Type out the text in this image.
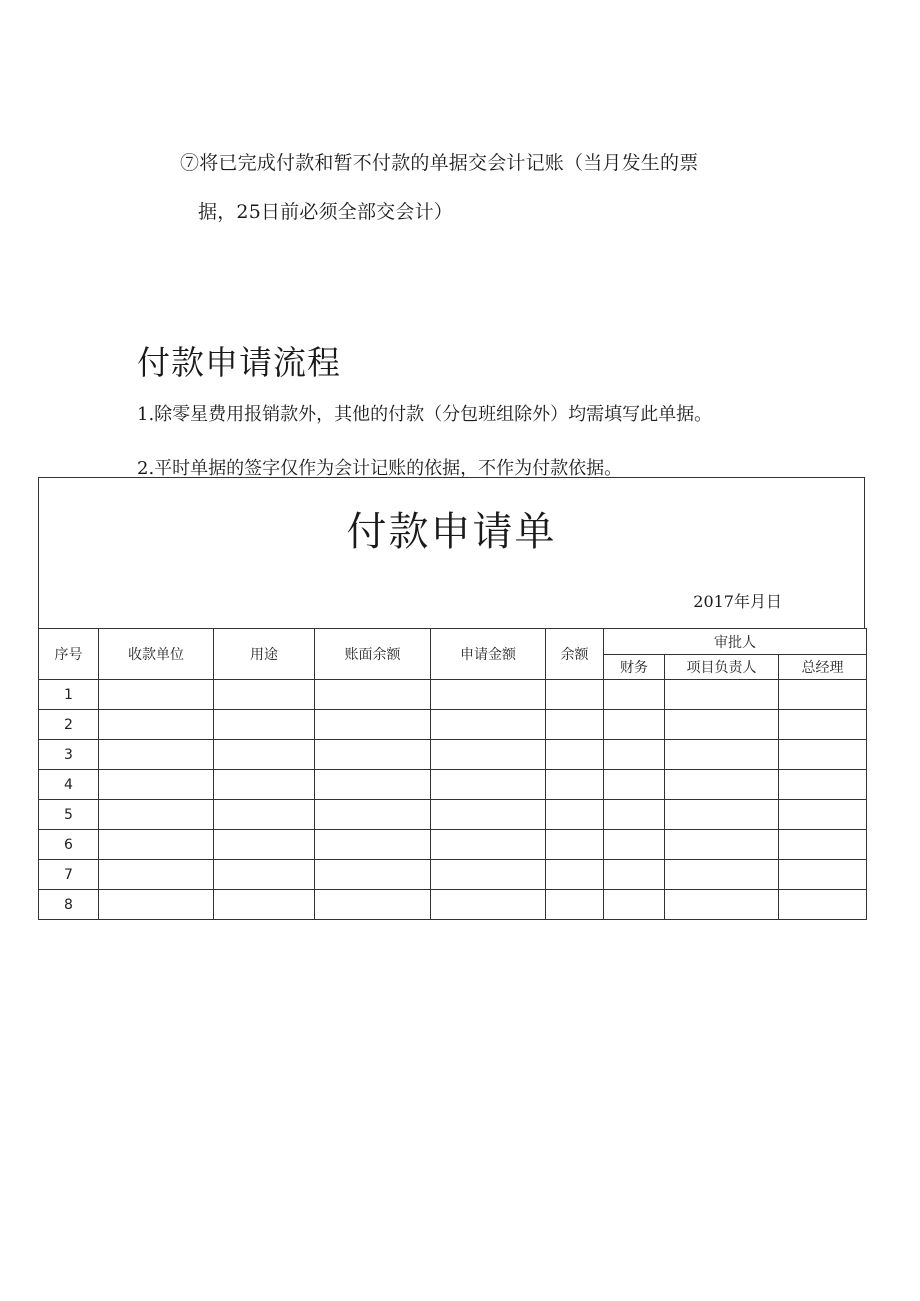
⑦将已完成付款和暂不付款的单据交会计记账（当月发生的票
据，25日前必须全部交会计）
付款申请流程
1.除零星费用报销款外，其他的付款（分包班组除外）均需填写此单据。
2.平时单据的签字仅作为会计记账的依据，不作为付款依据。
付款申请单
2017年月日
序号	收款单位	用途	账面余额	申请金额	余额	审批人		
						财务	项目负责人	总经理
1								
2								
3								
4								
5								
6								
7								
8								
